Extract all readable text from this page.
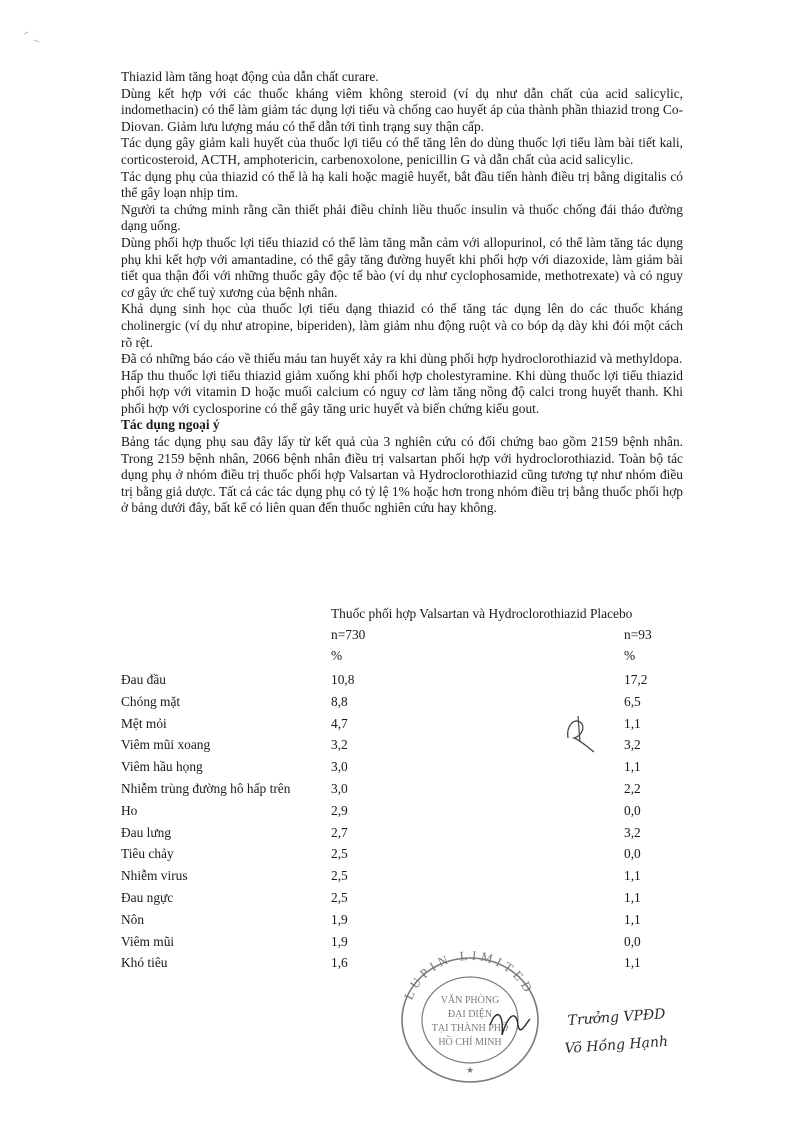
Thiazid làm tăng hoạt động của dẫn chất curare.

Dùng kết hợp với các thuốc kháng viêm không steroid (ví dụ như dẫn chất của acid salicylic, indomethacin) có thể làm giảm tác dụng lợi tiểu và chống cao huyết áp của thành phần thiazid trong Co-Diovan. Giảm lưu lượng máu có thể dẫn tới tình trạng suy thận cấp.

Tác dụng gây giảm kali huyết của thuốc lợi tiểu có thể tăng lên do dùng thuốc lợi tiểu làm bài tiết kali, corticosteroid, ACTH, amphotericin, carbenoxolone, penicillin G và dẫn chất của acid salicylic.

Tác dụng phụ của thiazid có thể là hạ kali hoặc magiê huyết, bắt đầu tiến hành điều trị bằng digitalis có thể gây loạn nhịp tim.

Người ta chứng minh rằng cần thiết phải điều chỉnh liều thuốc insulin và thuốc chống đái tháo đường dạng uống.

Dùng phối hợp thuốc lợi tiểu thiazid có thể làm tăng mẫn cảm với allopurinol, có thể làm tăng tác dụng phụ khi kết hợp với amantadine, có thể gây tăng đường huyết khi phối hợp với diazoxide, làm giảm bài tiết qua thận đối với những thuốc gây độc tế bào (ví dụ như cyclophosamide, methotrexate) và có nguy cơ gây ức chế tuỷ xương của bệnh nhân.

Khả dụng sinh học của thuốc lợi tiểu dạng thiazid có thể tăng tác dụng lên do các thuốc kháng cholinergic (ví dụ như atropine, biperiden), làm giảm nhu động ruột và co bóp dạ dày khi đói một cách rõ rệt.

Đã có những báo cáo về thiếu máu tan huyết xảy ra khi dùng phối hợp hydroclorothiazid và methyldopa.

Hấp thu thuốc lợi tiểu thiazid giảm xuống khi phối hợp cholestyramine. Khi dùng thuốc lợi tiểu thiazid phối hợp với vitamin D hoặc muối calcium có nguy cơ làm tăng nồng độ calci trong huyết thanh. Khi phối hợp với cyclosporine có thể gây tăng uric huyết và biến chứng kiểu gout.

Tác dụng ngoại ý

Bảng tác dụng phụ sau đây lấy từ kết quả của 3 nghiên cứu có đối chứng bao gồm 2159 bệnh nhân. Trong 2159 bệnh nhân, 2066 bệnh nhân điều trị valsartan phối hợp với hydroclorothiazid. Toàn bộ tác dụng phụ ở nhóm điều trị thuốc phối hợp Valsartan và Hydroclorothiazid cũng tương tự như nhóm điều trị bằng giả dược. Tất cả các tác dụng phụ có tỷ lệ 1% hoặc hơn trong nhóm điều trị bằng thuốc phối hợp ở bảng dưới đây, bất kể có liên quan đến thuốc nghiên cứu hay không.

Thuốc phối hợp Valsartan và Hydroclorothiazid Placebo
n=730	n=93
%	%
Đau đầu	10,8	17,2
Chóng mặt	8,8	6,5
Mệt mỏi	4,7	1,1
Viêm mũi xoang	3,2	3,2
Viêm hầu họng	3,0	1,1
Nhiễm trùng đường hô hấp trên	3,0	2,2
Ho	2,9	0,0
Đau lưng	2,7	3,2
Tiêu chảy	2,5	0,0
Nhiễm virus	2,5	1,1
Đau ngực	2,5	1,1
Nôn	1,9	1,1
Viêm mũi	1,9	0,0
Khó tiêu	1,6	1,1
LUPIN LIMITED
VĂN PHÒNG
ĐẠI DIỆN
TẠI THÀNH PHỐ
HỒ CHÍ MINH
★
Trưởng VPĐD
Võ Hồng Hạnh
